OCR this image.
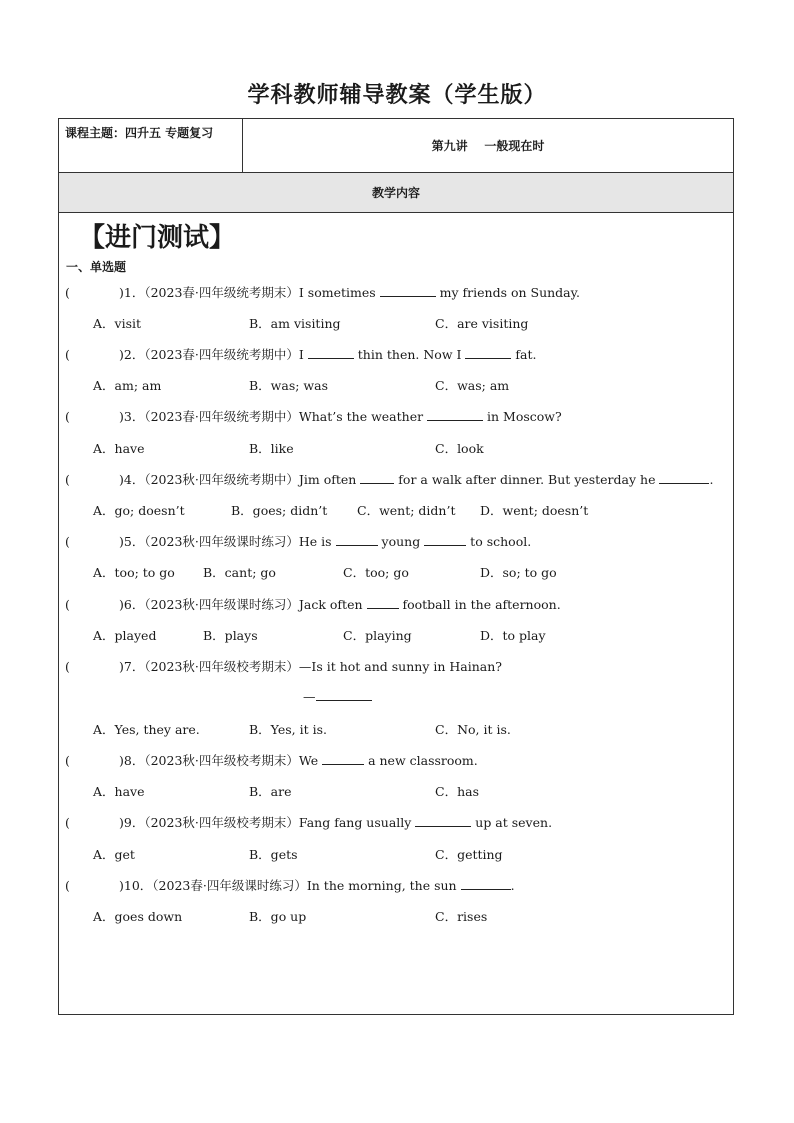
学科教师辅导教案（学生版）
课程主题：四升五 专题复习
第九讲    一般现在时
教学内容
【进门测试】
一、单选题
(	)1．（2023春·四年级统考期末）I sometimes	my friends on Sunday.
A．visit	B．am visiting	C．are visiting
(	)2．（2023春·四年级统考期中）I	thin then. Now I	fat.
A．am; am	B．was; was	C．was; am
(	)3．（2023春·四年级统考期中）What’s the weather	in Moscow?
A．have	B．like	C．look
(	)4．（2023秋·四年级统考期中）Jim often	for a walk after dinner. But yesterday he	.
A．go; doesn’t	B．goes; didn’t C．went; didn’t D．went; doesn’t
(	)5．（2023秋·四年级课时练习）He is	young	to school.
A．too; to go B．cant; go	C．too; go	D．so; to go
(	)6．（2023秋·四年级课时练习）Jack often	football in the afternoon.
A．played	B．plays	C．playing	D．to play
(	)7．（2023秋·四年级校考期末）—Is it hot and sunny in Hainan?
—
A．Yes, they are.	B．Yes, it is.	C．No, it is.
(	)8．（2023秋·四年级校考期末）We	a new classroom.
A．have	B．are	C．has
(	)9．（2023秋·四年级校考期末）Fang fang usually	up at seven.
A．get	B．gets	C．getting
(	)10．（2023春·四年级课时练习）In the morning, the sun	.
A．goes down	B．go up	C．rises
